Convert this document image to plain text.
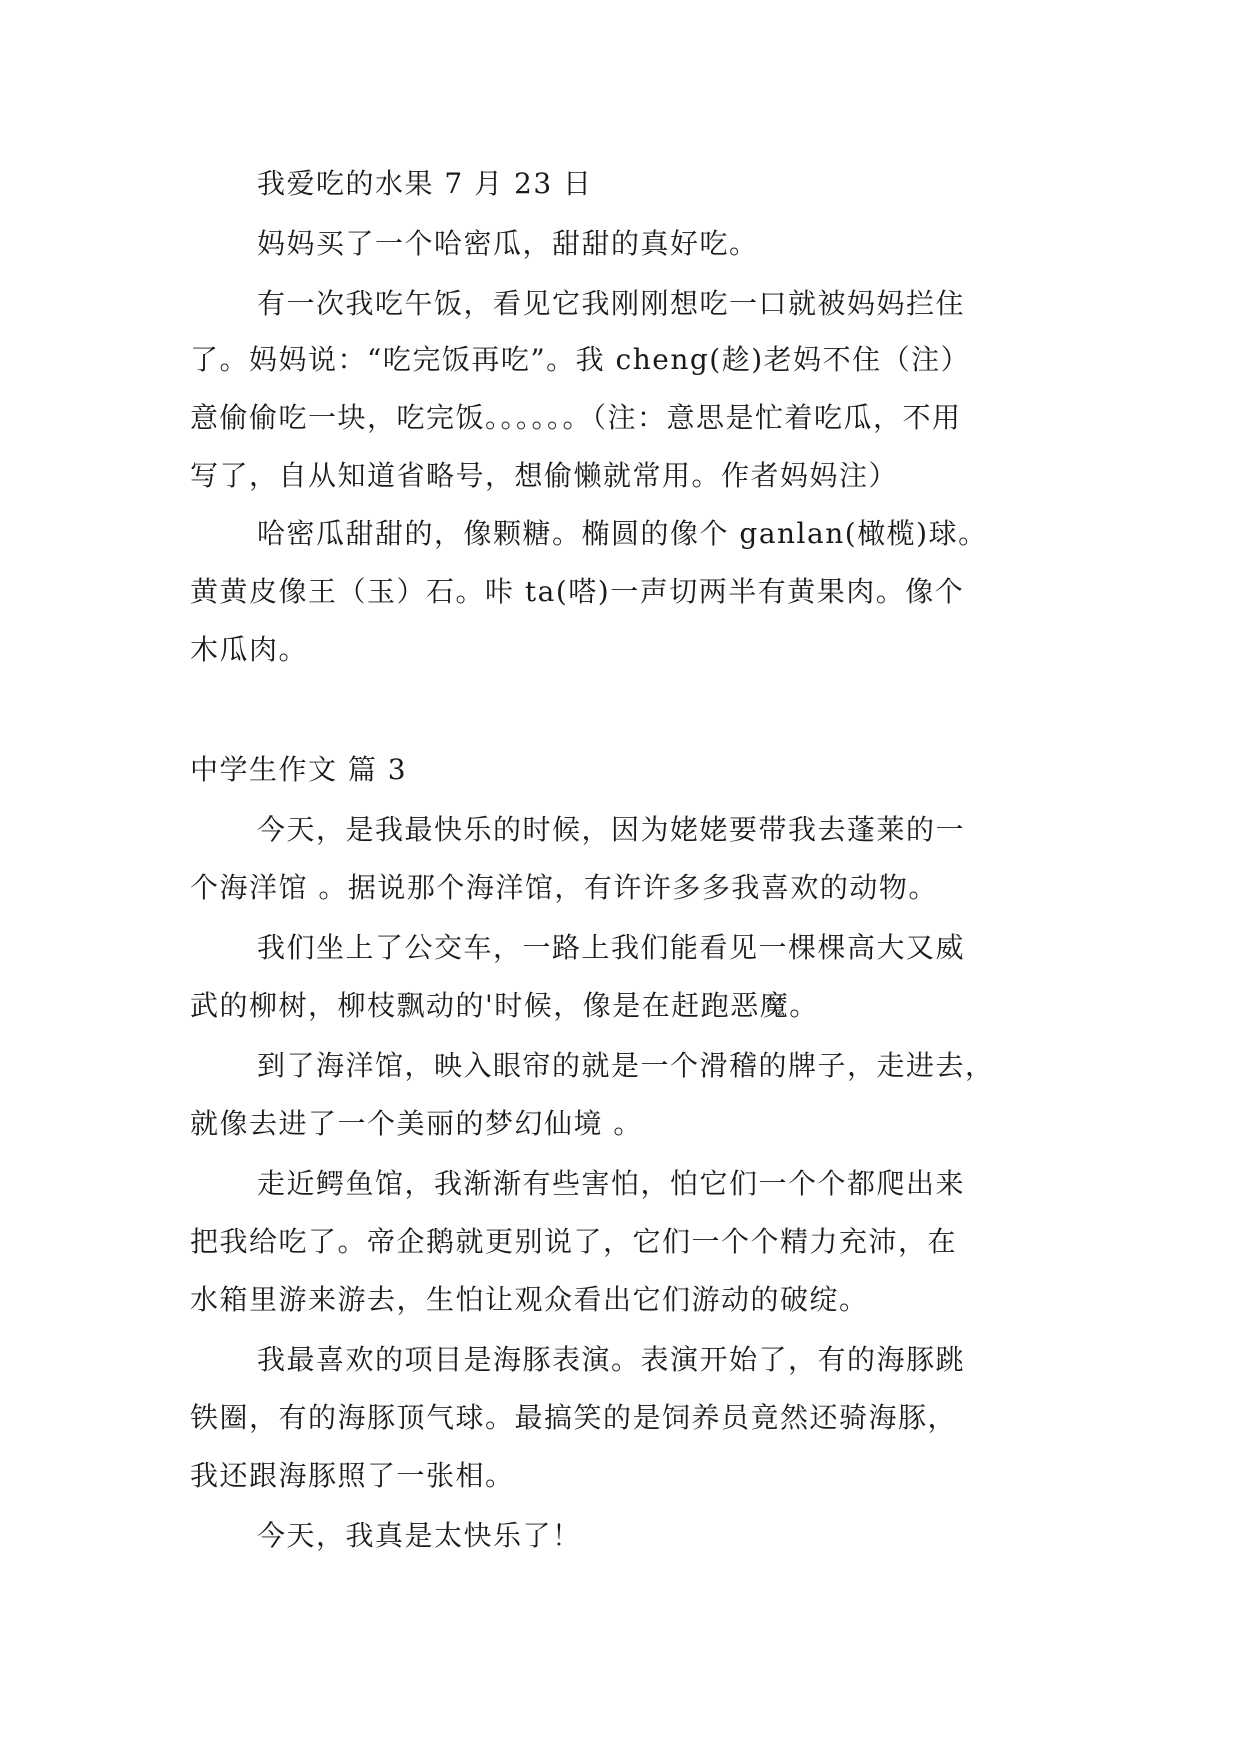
我爱吃的水果 7 月 23 日
妈妈买了一个哈密瓜，甜甜的真好吃。
有一次我吃午饭，看见它我刚刚想吃一口就被妈妈拦住
了。妈妈说：“吃完饭再吃”。我 cheng(趁)老妈不住（注）
意偷偷吃一块，吃完饭。。。。。。（注：意思是忙着吃瓜，不用
写了，自从知道省略号，想偷懒就常用。作者妈妈注）
哈密瓜甜甜的，像颗糖。椭圆的像个 ganlan(橄榄)球。
黄黄皮像王（玉）石。咔 ta(嗒)一声切两半有黄果肉。像个
木瓜肉。
中学生作文 篇 3
今天，是我最快乐的时候，因为姥姥要带我去蓬莱的一
个海洋馆 。据说那个海洋馆，有许许多多我喜欢的动物。
我们坐上了公交车，一路上我们能看见一棵棵高大又威
武的柳树，柳枝飘动的'时候，像是在赶跑恶魔。
到了海洋馆，映入眼帘的就是一个滑稽的牌子，走进去，
就像去进了一个美丽的梦幻仙境 。
走近鳄鱼馆，我渐渐有些害怕，怕它们一个个都爬出来
把我给吃了。帝企鹅就更别说了，它们一个个精力充沛，在
水箱里游来游去，生怕让观众看出它们游动的破绽。
我最喜欢的项目是海豚表演。表演开始了，有的海豚跳
铁圈，有的海豚顶气球。最搞笑的是饲养员竟然还骑海豚，
我还跟海豚照了一张相。
今天，我真是太快乐了！
